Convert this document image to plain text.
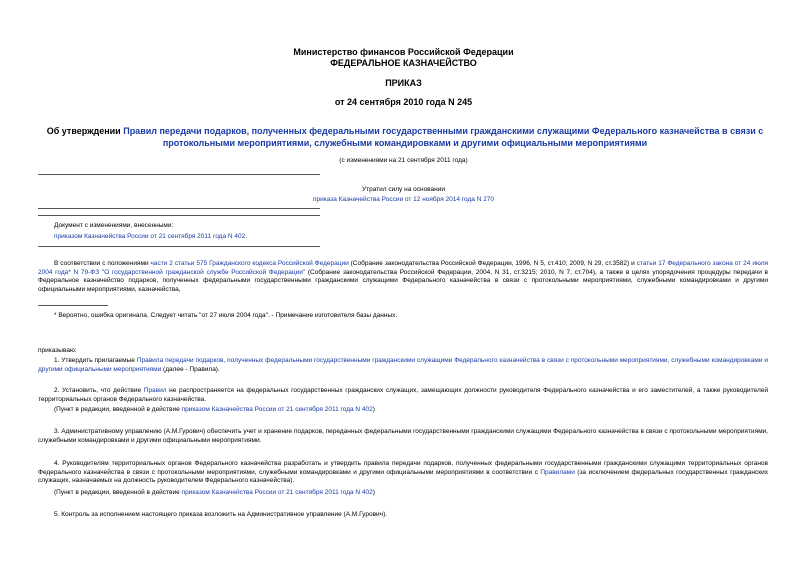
Министерство финансов Российской Федерации
ФЕДЕРАЛЬНОЕ КАЗНАЧЕЙСТВО
ПРИКАЗ
от 24 сентября 2010 года N 245
Об утверждении Правил передачи подарков, полученных федеральными государственными гражданскими служащими Федерального казначейства в связи с протокольными мероприятиями, служебными командировками и другими официальными мероприятиями
(с изменениями на 21 сентября 2011 года)
Утратил силу на основании
приказа Казначейства России от 12 ноября 2014 года N 270
Документ с изменениями, внесенными:
приказом Казначейства России от 21 сентября 2011 года N 402.
В соответствии с положениями части 2 статьи 575 Гражданского кодекса Российской Федерации (Собрание законодательства Российской Федерации, 1996, N 5, ст.410; 2009, N 29, ст.3582) и статьи 17 Федерального закона от 24 июля 2004 года* N 79-ФЗ "О государственной гражданской службе Российской Федерации" (Собрание законодательства Российской Федерации, 2004, N 31, ст.3215; 2010, N 7, ст.704), а также в целях упорядочения процедуры передачи в Федеральное казначейство подарков, полученных федеральными государственными гражданскими служащими Федерального казначейства в связи с протокольными мероприятиями, служебными командировками и другими официальными мероприятиями, казначейства,
* Вероятно, ошибка оригинала. Следует читать "от 27 июля 2004 года". - Примечание изготовителя базы данных.
приказываю:
1. Утвердить прилагаемые Правила передачи подарков, полученных федеральными государственными гражданскими служащими Федерального казначейства в связи с протокольными мероприятиями, служебными командировками и другими официальными мероприятиями (далее - Правила).
2. Установить, что действие Правил не распространяется на федеральных государственных гражданских служащих, замещающих должности руководителя Федерального казначейства и его заместителей, а также руководителей территориальных органов Федерального казначейства.
(Пункт в редакции, введенной в действие приказом Казначейства России от 21 сентября 2011 года N 402)
3. Административному управлению (А.М.Гурович) обеспечить учет и хранение подарков, переданных федеральными государственными гражданскими служащими Федерального казначейства в связи с протокольными мероприятиями, служебными командировками и другими официальными мероприятиями.
4. Руководителям территориальных органов Федерального казначейства разработать и утвердить правила передачи подарков, полученных федеральными государственными гражданскими служащими территориальных органов Федерального казначейства в связи с протокольными мероприятиями, служебными командировками и другими официальными мероприятиями в соответствии с Правилами (за исключением федеральных государственных гражданских служащих, назначаемых на должность руководителем Федерального казначейства).
(Пункт в редакции, введенной в действие приказом Казначейства России от 21 сентября 2011 года N 402)
5. Контроль за исполнением настоящего приказа возложить на Административное управление (А.М.Гурович).
